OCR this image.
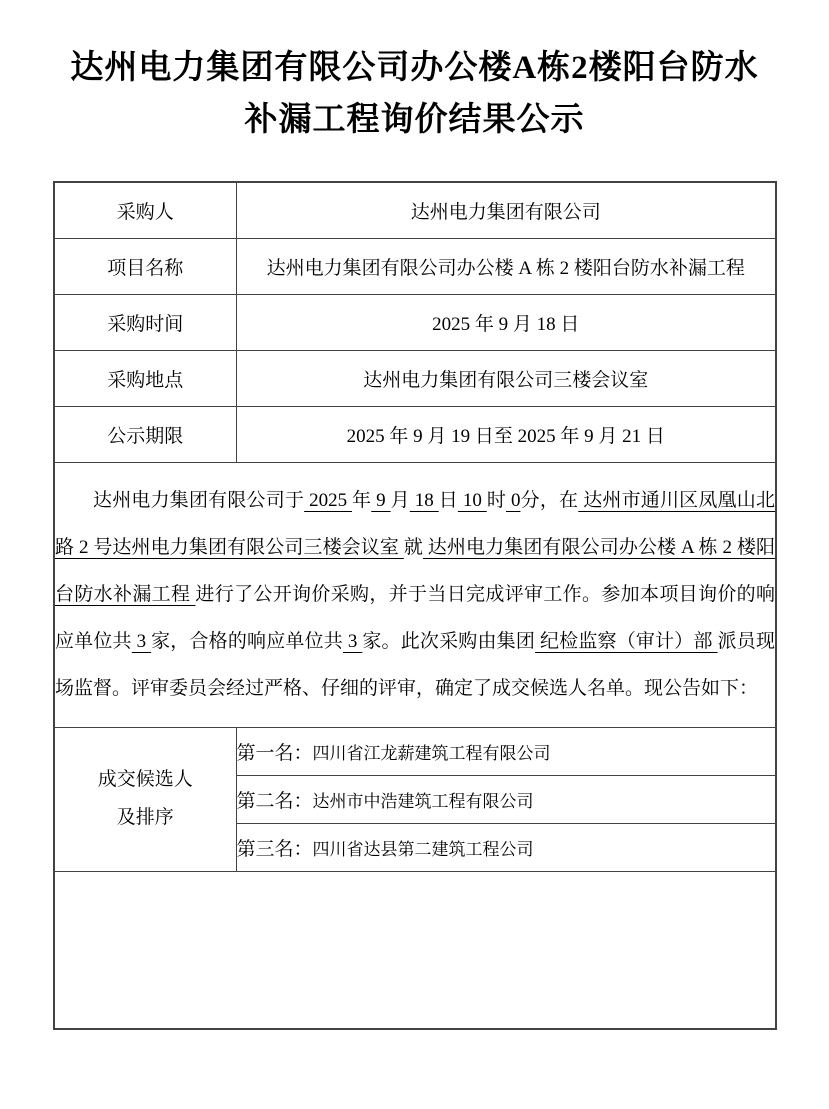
达州电力集团有限公司办公楼A栋2楼阳台防水
补漏工程询价结果公示
采购人	达州电力集团有限公司
项目名称	达州电力集团有限公司办公楼 A 栋 2 楼阳台防水补漏工程
采购时间	2025 年 9 月 18 日
采购地点	达州电力集团有限公司三楼会议室
公示期限	2025 年 9 月 19 日至 2025 年 9 月 21 日

达州电力集团有限公司于 2025 年 9 月 18 日 10 时 0分，在 达州市通川区凤凰山北路 2 号达州电力集团有限公司三楼会议室 就 达州电力集团有限公司办公楼 A 栋 2 楼阳台防水补漏工程 进行了公开询价采购，并于当日完成评审工作。参加本项目询价的响应单位共 3 家，合格的响应单位共 3 家。此次采购由集团 纪检监察（审计）部 派员现场监督。评审委员会经过严格、仔细的评审，确定了成交候选人名单。现公告如下：	

成交候选人
及排序	第一名：四川省江龙薪建筑工程有限公司
	第二名：达州市中浩建筑工程有限公司
	第三名：四川省达县第二建筑工程公司
